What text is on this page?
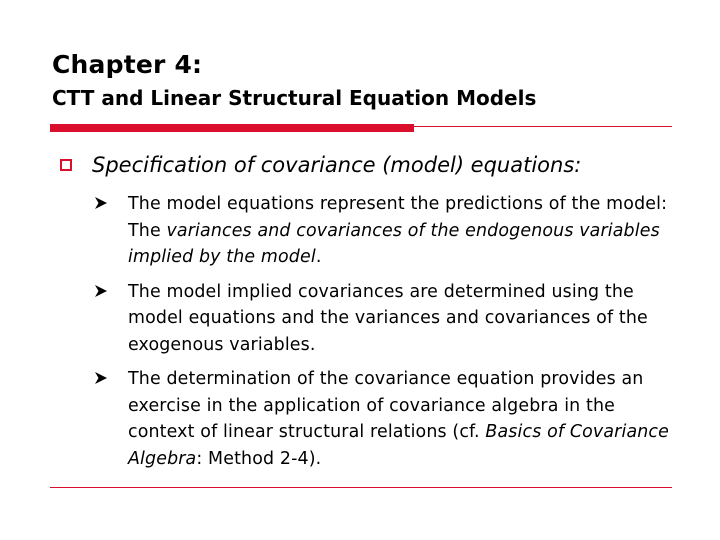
Chapter 4:
CTT and Linear Structural Equation Models
Specification of covariance (model) equations:
The model equations represent the predictions of the model: The variances and covariances of the endogenous variables implied by the model.
The model implied covariances are determined using the model equations and the variances and covariances of the exogenous variables.
The determination of the covariance equation provides an exercise in the application of covariance algebra in the context of linear structural relations (cf. Basics of Covariance Algebra: Method 2-4).
